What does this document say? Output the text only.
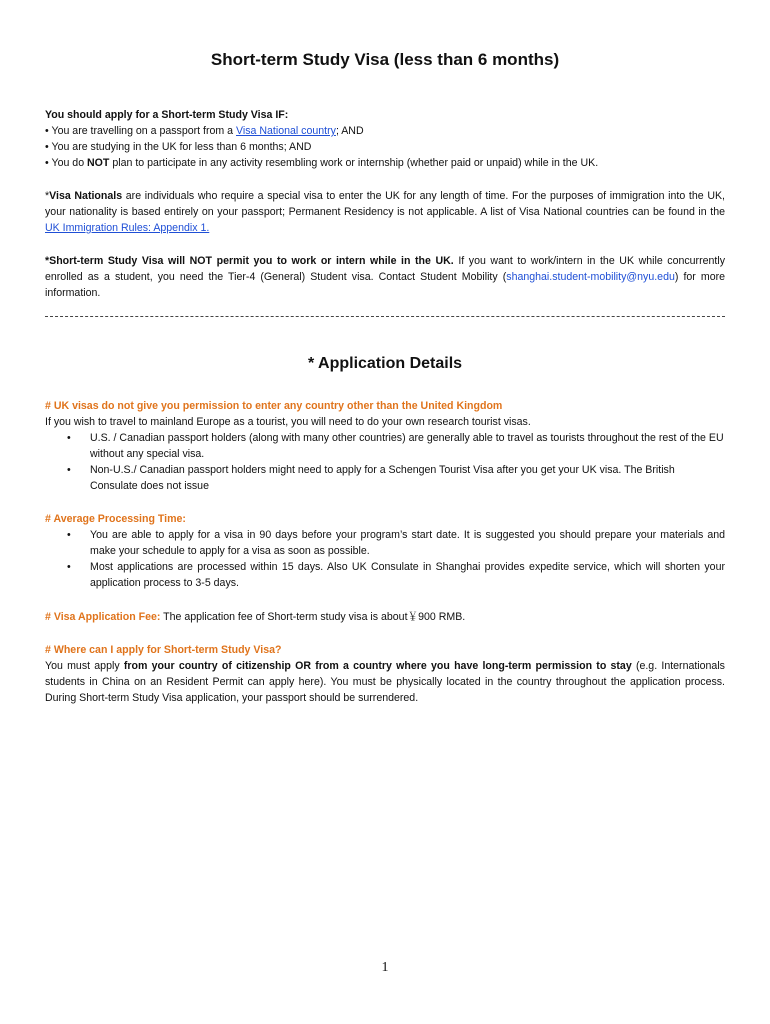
Short-term Study Visa (less than 6 months)
You should apply for a Short-term Study Visa IF:
• You are travelling on a passport from a Visa National country; AND
• You are studying in the UK for less than 6 months; AND
• You do NOT plan to participate in any activity resembling work or internship (whether paid or unpaid) while in the UK.

*Visa Nationals are individuals who require a special visa to enter the UK for any length of time. For the purposes of immigration into the UK, your nationality is based entirely on your passport; Permanent Residency is not applicable. A list of Visa National countries can be found in the UK Immigration Rules: Appendix 1.

*Short-term Study Visa will NOT permit you to work or intern while in the UK. If you want to work/intern in the UK while concurrently enrolled as a student, you need the Tier-4 (General) Student visa. Contact Student Mobility (shanghai.student-mobility@nyu.edu) for more information.

* Application Details
# UK visas do not give you permission to enter any country other than the United Kingdom
If you wish to travel to mainland Europe as a tourist, you will need to do your own research tourist visas.
• U.S. / Canadian passport holders (along with many other countries) are generally able to travel as tourists throughout the rest of the EU without any special visa.
• Non-U.S./ Canadian passport holders might need to apply for a Schengen Tourist Visa after you get your UK visa. The British Consulate does not issue
# Average Processing Time:
• You are able to apply for a visa in 90 days before your program’s start date. It is suggested you should prepare your materials and make your schedule to apply for a visa as soon as possible.
• Most applications are processed within 15 days. Also UK Consulate in Shanghai provides expedite service, which will shorten your application process to 3-5 days.
# Visa Application Fee: The application fee of Short-term study visa is about￥900 RMB.
# Where can I apply for Short-term Study Visa?

You must apply from your country of citizenship OR from a country where you have long-term permission to stay (e.g. Internationals students in China on an Resident Permit can apply here). You must be physically located in the country throughout the application process. During Short-term Study Visa application, your passport should be surrendered.

1
